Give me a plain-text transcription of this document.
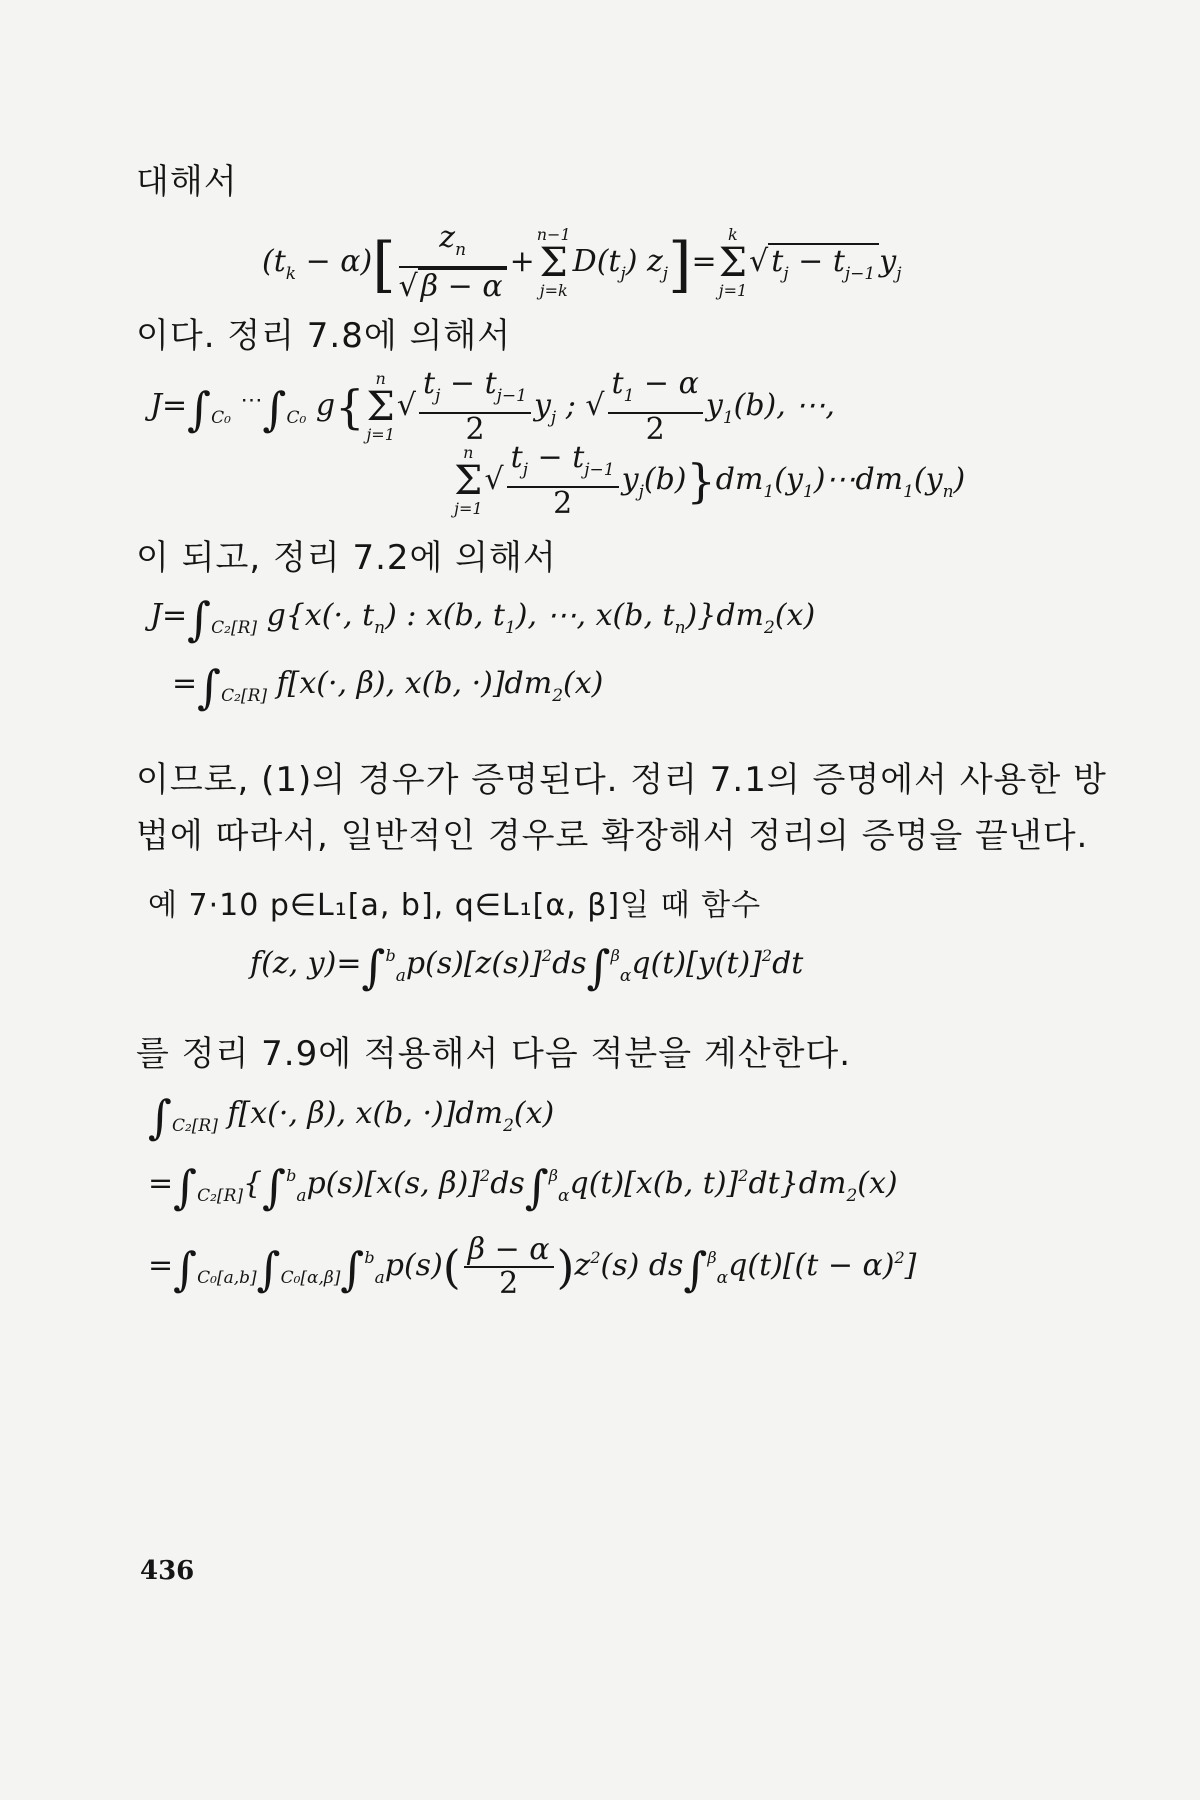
대해서
$(t_k - \alpha)[ \frac{z_n}{√ \beta - \alpha}$ +
n−1
Σ
j=k
$D(t_j)$ $z_j]=$
k
Σ
j=1
√ $t_j - t_{j-1}$ $y_j$
이다. 정리 7.8에 의해서
$J=\int_{C_0}$ $^\cdots\int_{C_0}$ g{
n
Σ
j=1
√ $\frac{t_j - t_{j-1}}{2} y_j$ ; √ $\frac{t_1 - \alpha}{2} y_1(b)$, ⋯,
n
Σ
j=1
√ $\frac{t_j - t_{j-1}}{2}$ $y_j(b)\}dm_1(y_1)\cdots dm_1(y_n)$
이 되고, 정리 7.2에 의해서
$J=\int_{C_2[R]}$ g{x(·, $t_n$) : x(b, $t_1$), ⋯, x(b, $t_n)\}dm_2(x)$
$=\int_{C_2[R]}$ f[x(·, β), x(b, $\cdot)]dm_2(x)$
이므로, (1)의 경우가 증명된다. 정리 7.1의 증명에서 사용한 방
법에 따라서, 일반적인 경우로 확장해서 정리의 증명을 끝낸다.
예 7·10 p∈L₁[a, b], q∈L₁[α, β]일 때 함수
f(z, $y)=\int^b_ap(s)[z(s)]^2ds\int^\beta_\alpha q(t)[y(t)]^2dt$
를 정리 7.9에 적용해서 다음 적분을 계산한다.
$\int_{C_2[R]}$ f[x(·, β), x(b, $\cdot)]dm_2(x)$
$=\int_{C_2[R]}\{\int^b_ap(s)[x(s$, β)]$^2$ds∫$^\beta_\alpha$q(t)[x(b, $t)]^2dt\}dm_2(x)$
$=\int_{C_0[a,b]}\int_{C_0[\alpha,\beta]}\int^b_ap(s)( \frac{\beta - \alpha}{2} )z^2(s) ds\int^\beta_\alpha q(t)[(t - \alpha)^2]$
436
